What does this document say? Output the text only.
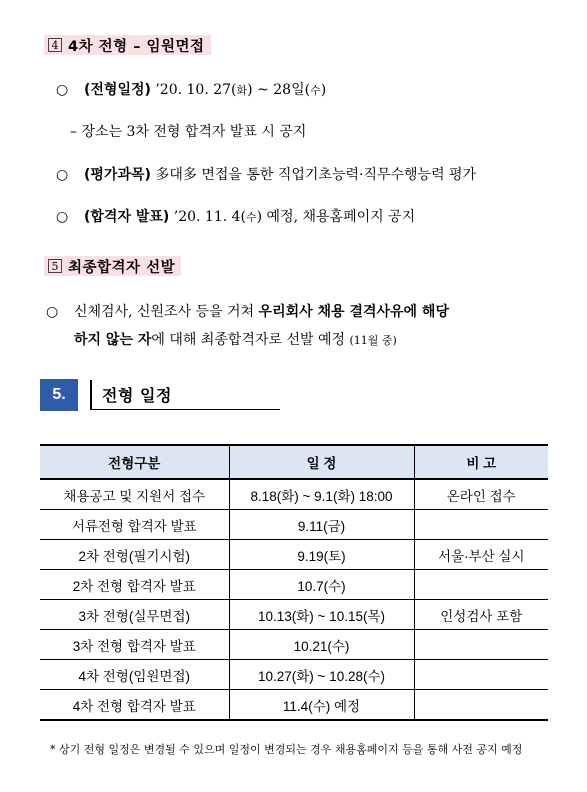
4 4차 전형 – 임원면접
○ (전형일정) ’20. 10. 27(화) ~ 28일(수)
– 장소는 3차 전형 합격자 발표 시 공지
○ (평가과목) 多대多 면접을 통한 직업기초능력·직무수행능력 평가
○ (합격자 발표) ’20. 11. 4(수) 예정, 채용홈페이지 공지
5 최종합격자 선발
○ 신체검사, 신원조사 등을 거쳐 우리회사 채용 결격사유에 해당
하지 않는 자에 대해 최종합격자로 선발 예정 (11월 중)
5.	전형 일정
전형구분	일 정	비 고
채용공고 및 지원서 접수	8.18(화) ~ 9.1(화) 18:00	온라인 접수
서류전형 합격자 발표	9.11(금)	
2차 전형(필기시험)	9.19(토)	서울·부산 실시
2차 전형 합격자 발표	10.7(수)	
3차 전형(실무면접)	10.13(화) ~ 10.15(목)	인성검사 포함
3차 전형 합격자 발표	10.21(수)	
4차 전형(임원면접)	10.27(화) ~ 10.28(수)	
4차 전형 합격자 발표	11.4(수) 예정	
* 상기 전형 일정은 변경될 수 있으며 일정이 변경되는 경우 채용홈페이지 등을 통해 사전 공지 예정
